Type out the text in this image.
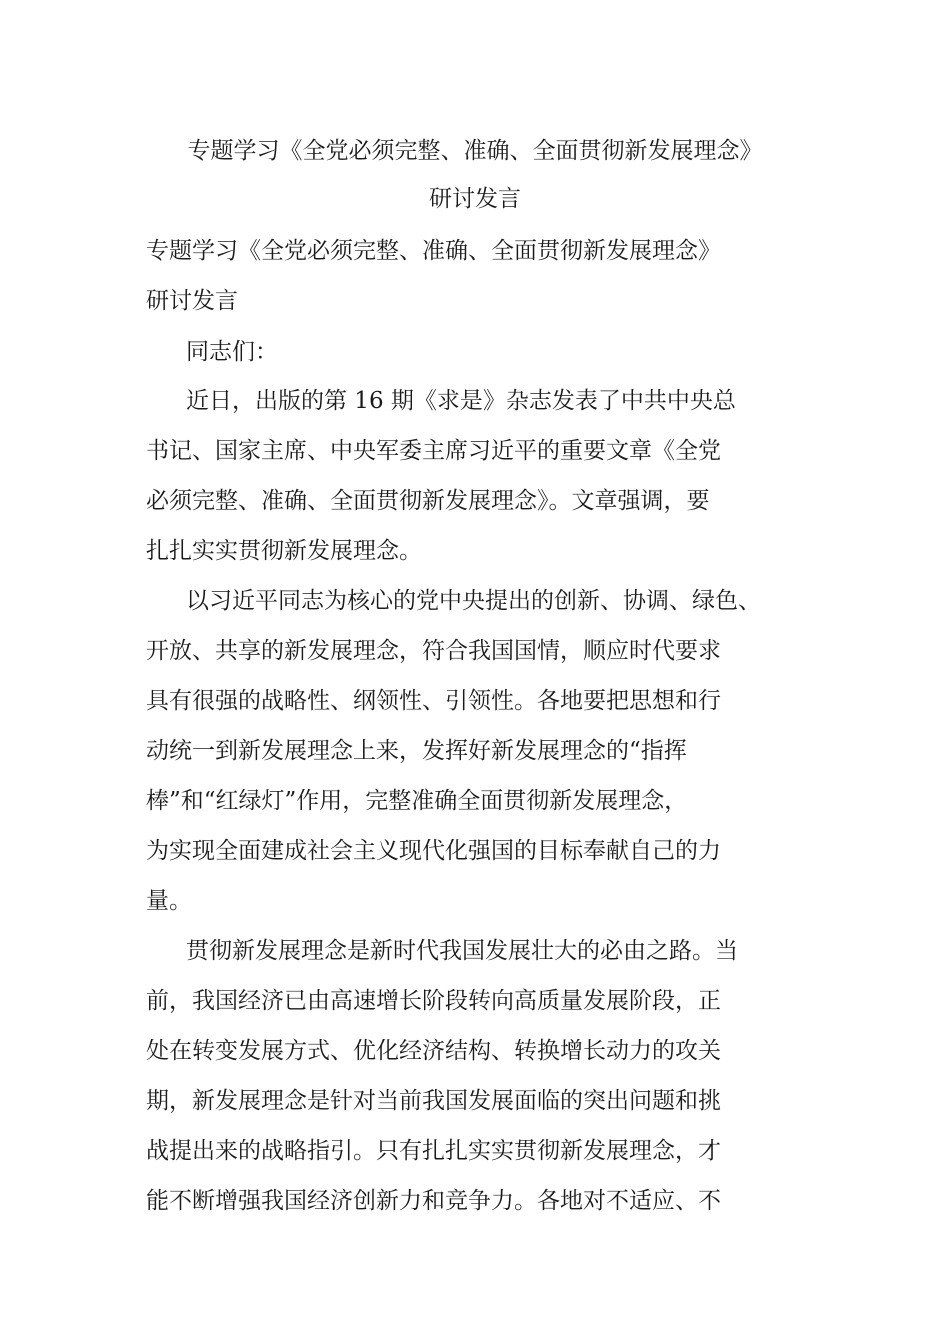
专题学习《全党必须完整、准确、全面贯彻新发展理念》
研讨发言
专题学习《全党必须完整、准确、全面贯彻新发展理念》
研讨发言
同志们：
近日，出版的第 16 期《求是》杂志发表了中共中央总
书记、国家主席、中央军委主席习近平的重要文章《全党
必须完整、准确、全面贯彻新发展理念》。文章强调，要
扎扎实实贯彻新发展理念。
以习近平同志为核心的党中央提出的创新、协调、绿色、
开放、共享的新发展理念，符合我国国情，顺应时代要求
具有很强的战略性、纲领性、引领性。各地要把思想和行
动统一到新发展理念上来，发挥好新发展理念的“指挥
棒”和“红绿灯”作用，完整准确全面贯彻新发展理念，
为实现全面建成社会主义现代化强国的目标奉献自己的力
量。
贯彻新发展理念是新时代我国发展壮大的必由之路。当
前，我国经济已由高速增长阶段转向高质量发展阶段，正
处在转变发展方式、优化经济结构、转换增长动力的攻关
期，新发展理念是针对当前我国发展面临的突出问题和挑
战提出来的战略指引。只有扎扎实实贯彻新发展理念，才
能不断增强我国经济创新力和竞争力。各地对不适应、不
